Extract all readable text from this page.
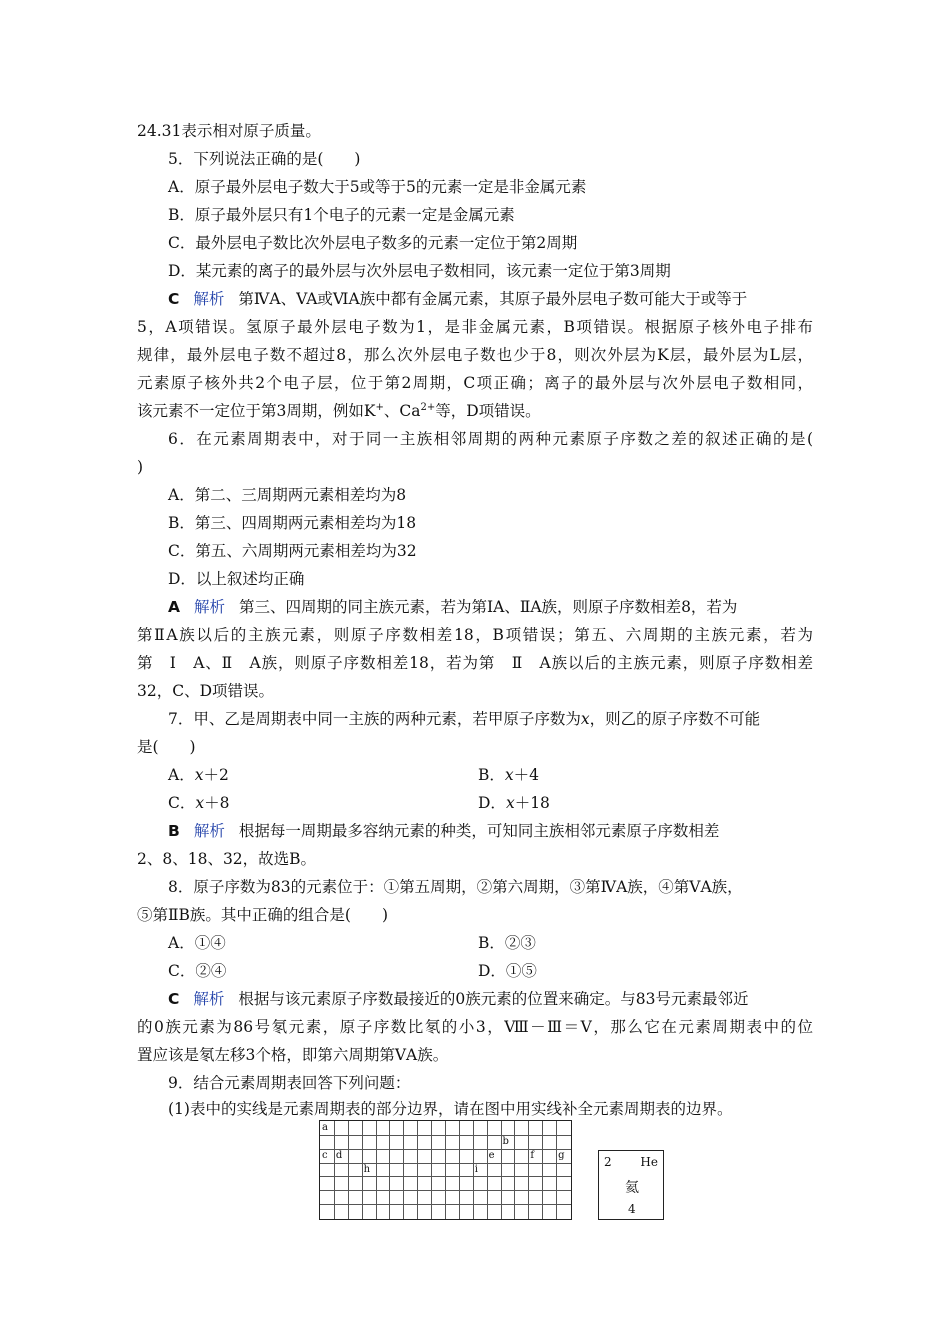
24.31表示相对原子质量。
5．下列说法正确的是(　　)
A．原子最外层电子数大于5或等于5的元素一定是非金属元素
B．原子最外层只有1个电子的元素一定是金属元素
C．最外层电子数比次外层电子数多的元素一定位于第2周期
D．某元素的离子的最外层与次外层电子数相同，该元素一定位于第3周期
C 解析 第ⅣA、VA或ⅥA族中都有金属元素，其原子最外层电子数可能大于或等于
5，A项错误。氢原子最外层电子数为1，是非金属元素，B项错误。根据原子核外电子排布
规律，最外层电子数不超过8，那么次外层电子数也少于8，则次外层为K层，最外层为L层，
元素原子核外共2个电子层，位于第2周期，C项正确；离子的最外层与次外层电子数相同，
该元素不一定位于第3周期，例如K+、$Ca^{2+}$等，D项错误。
6．在元素周期表中，对于同一主族相邻周期的两种元素原子序数之差的叙述正确的是(
)
A．第二、三周期两元素相差均为8
B．第三、四周期两元素相差均为18
C．第五、六周期两元素相差均为32
D．以上叙述均正确
A 解析 第三、四周期的同主族元素，若为第ⅠA、ⅡA族，则原子序数相差8，若为
第ⅡA族以后的主族元素，则原子序数相差18，B项错误；第五、六周期的主族元素，若为
第　Ⅰ　A、Ⅱ　A族，则原子序数相差18，若为第　Ⅱ　A族以后的主族元素，则原子序数相差
32，C、D项错误。
7．甲、乙是周期表中同一主族的两种元素，若甲原子序数为x，则乙的原子序数不可能
是(　　)
A．x＋2	B．x＋4
C．x＋8	D．x＋18
B 解析 根据每一周期最多容纳元素的种类，可知同主族相邻元素原子序数相差
2、8、18、32，故选B。
8．原子序数为83的元素位于：①第五周期，②第六周期，③第ⅣA族，④第ⅤA族，
⑤第ⅡB族。其中正确的组合是(　　)
A．①④	B．②③
C．②④	D．①⑤
C 解析 根据与该元素原子序数最接近的0族元素的位置来确定。与83号元素最邻近
的0族元素为86号氡元素，原子序数比氡的小3，Ⅷ－Ⅲ＝Ⅴ，那么它在元素周期表中的位
置应该是氡左移3个格，即第六周期第ⅤA族。
9．结合元素周期表回答下列问题：
(1)表中的实线是元素周期表的部分边界，请在图中用实线补全元素周期表的边界。
a
b
c d	e	f g
h	i
2 He
氦
4
